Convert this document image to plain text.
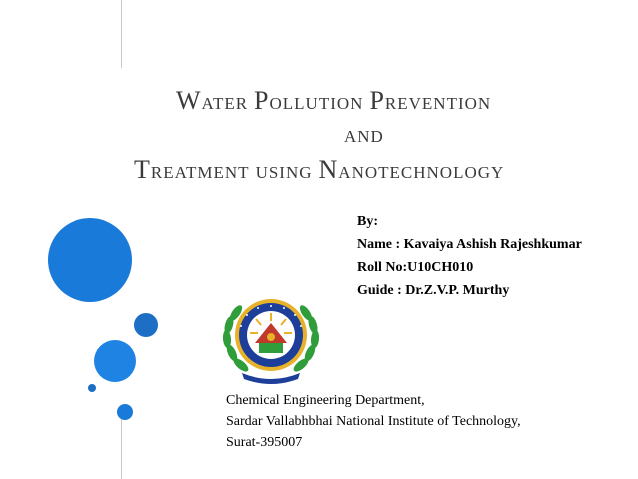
WATER POLLUTION PREVENTION
AND
TREATMENT USING NANOTECHNOLOGY
By:
Name : Kavaiya Ashish Rajeshkumar
Roll No:U10CH010
Guide : Dr.Z.V.P. Murthy
Chemical Engineering Department,
Sardar Vallabhbhai National Institute of Technology,
Surat-395007
